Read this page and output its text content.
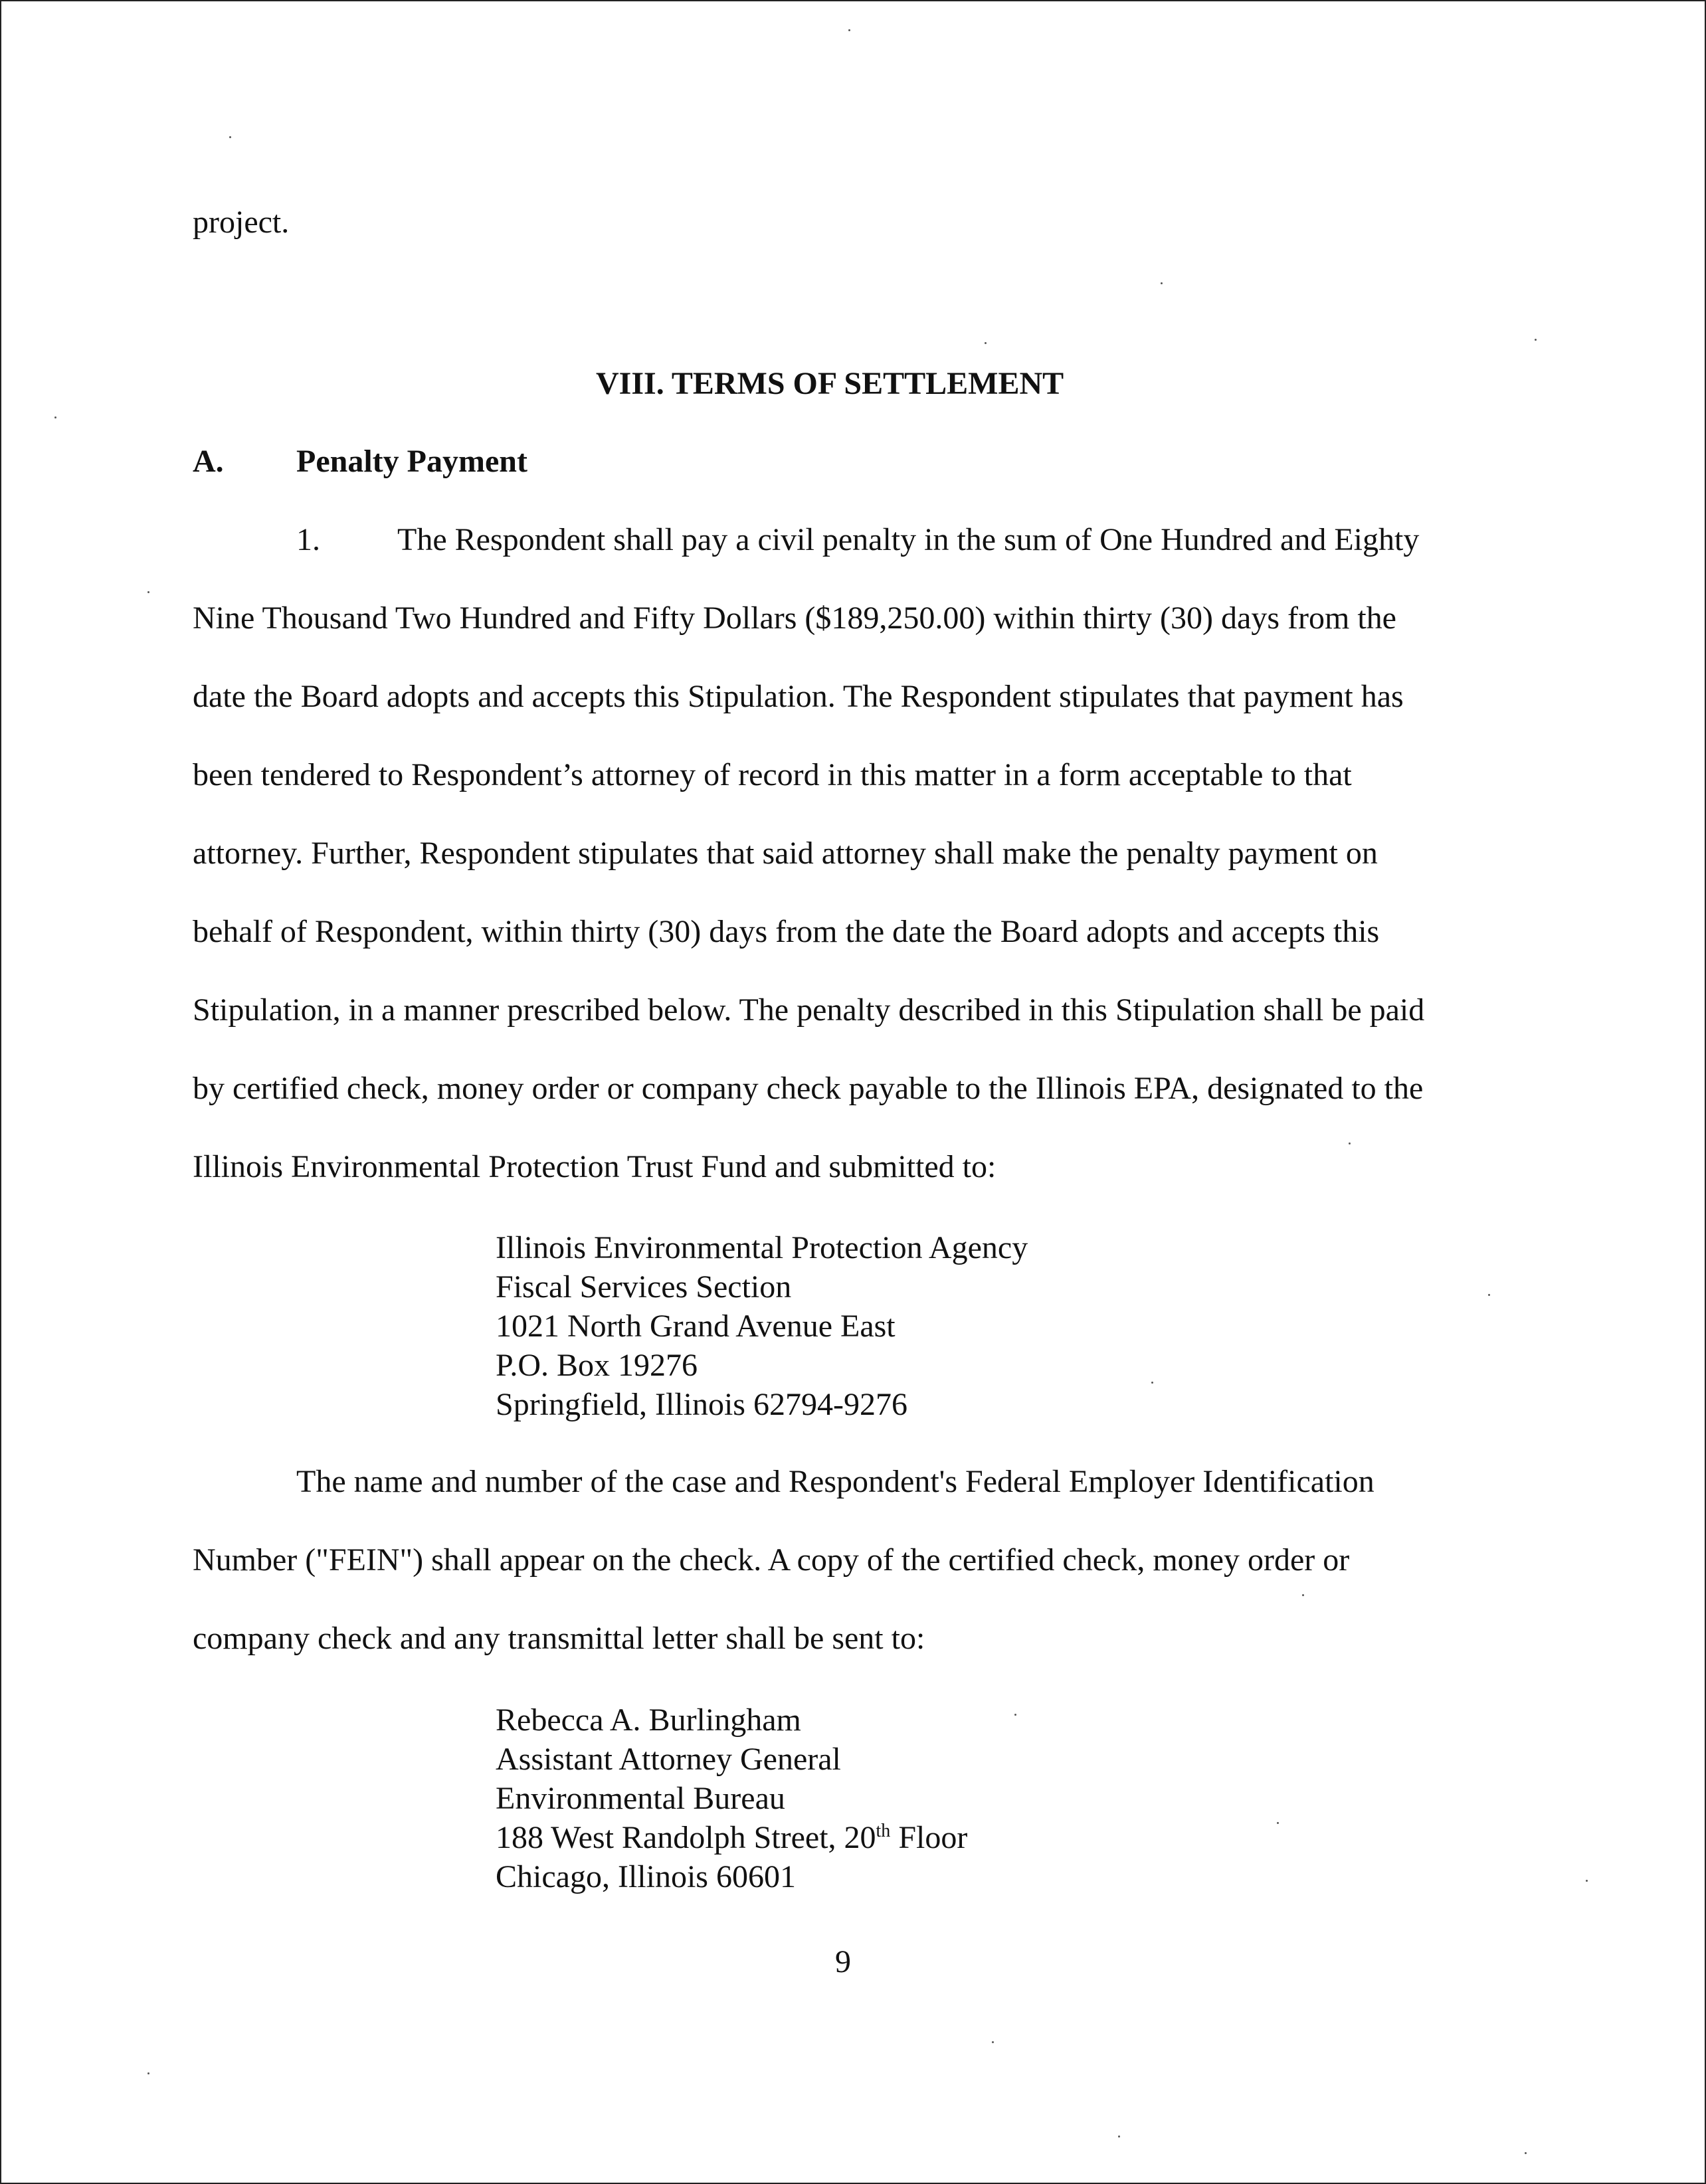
project.
VIII. TERMS OF SETTLEMENT
A. Penalty Payment
1. The Respondent shall pay a civil penalty in the sum of One Hundred and Eighty
Nine Thousand Two Hundred and Fifty Dollars ($189,250.00) within thirty (30) days from the
date the Board adopts and accepts this Stipulation. The Respondent stipulates that payment has
been tendered to Respondent’s attorney of record in this matter in a form acceptable to that
attorney. Further, Respondent stipulates that said attorney shall make the penalty payment on
behalf of Respondent, within thirty (30) days from the date the Board adopts and accepts this
Stipulation, in a manner prescribed below. The penalty described in this Stipulation shall be paid
by certified check, money order or company check payable to the Illinois EPA, designated to the
Illinois Environmental Protection Trust Fund and submitted to:
Illinois Environmental Protection Agency
Fiscal Services Section
1021 North Grand Avenue East
P.O. Box 19276
Springfield, Illinois 62794-9276
The name and number of the case and Respondent's Federal Employer Identification
Number ("FEIN") shall appear on the check. A copy of the certified check, money order or
company check and any transmittal letter shall be sent to:
Rebecca A. Burlingham
Assistant Attorney General
Environmental Bureau
188 West Randolph Street, 20th Floor
Chicago, Illinois 60601
9
